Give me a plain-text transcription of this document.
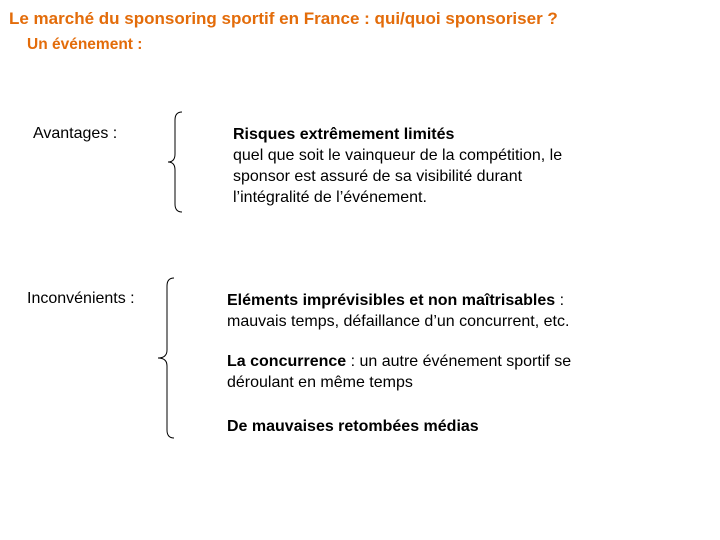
Le marché du sponsoring sportif en France : qui/quoi sponsoriser ?
Un événement :
Avantages :	Risques extrêmement limités
quel que soit le vainqueur de la compétition, le
sponsor est assuré de sa visibilité durant
l’intégralité de l’événement.
Inconvénients :	Eléments imprévisibles et non maîtrisables :
mauvais temps, défaillance d’un concurrent, etc.
La concurrence : un autre événement sportif se
déroulant en même temps
De mauvaises retombées médias
